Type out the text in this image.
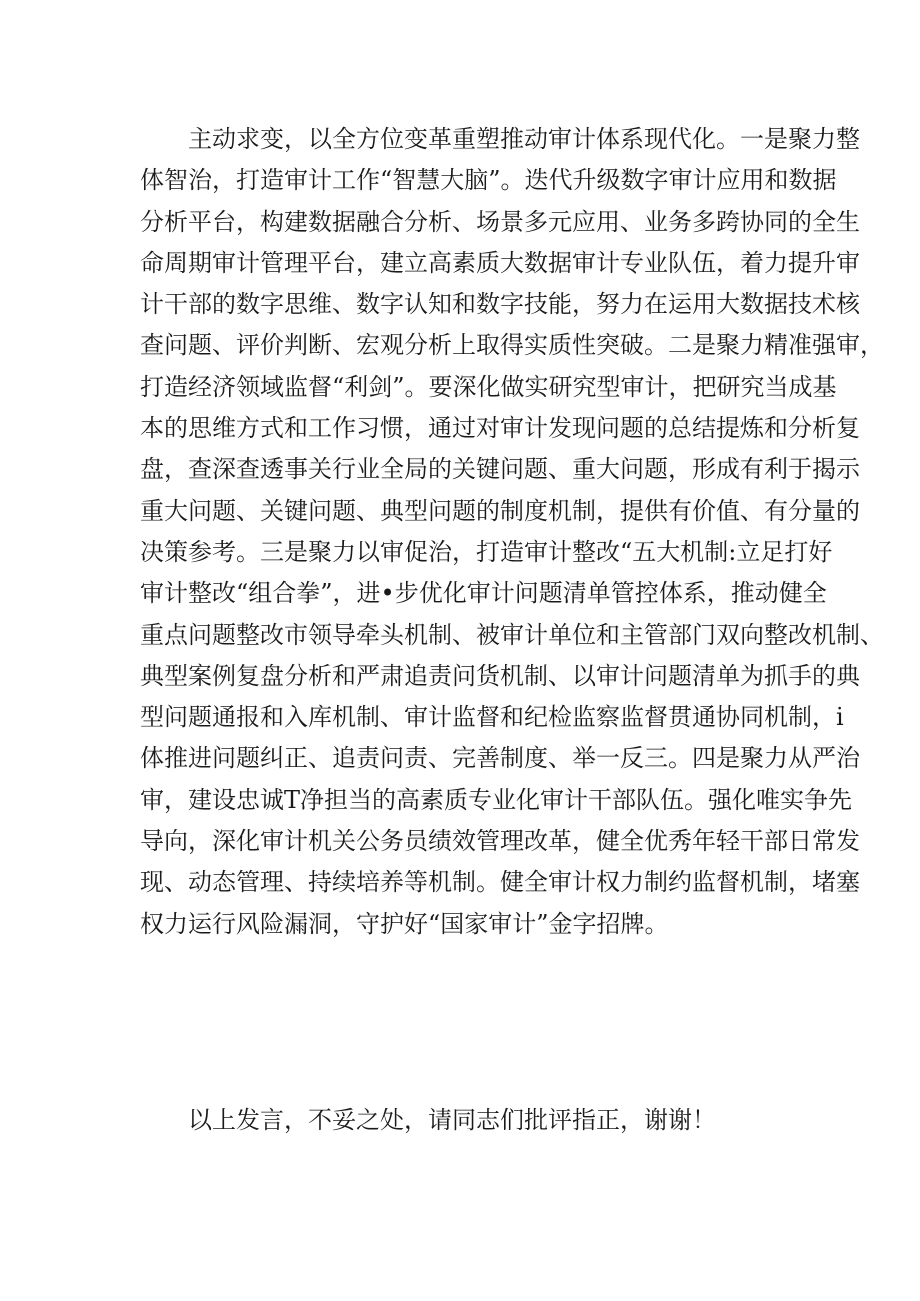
　　主动求变，以全方位变革重塑推动审计体系现代化。一是聚力整
体智治，打造审计工作“智慧大脑”。迭代升级数字审计应用和数据
分析平台，构建数据融合分析、场景多元应用、业务多跨协同的全生
命周期审计管理平台，建立高素质大数据审计专业队伍，着力提升审
计干部的数字思维、数字认知和数字技能，努力在运用大数据技术核
查问题、评价判断、宏观分析上取得实质性突破。二是聚力精准强审，
打造经济领域监督“利剑”。要深化做实研究型审计，把研究当成基
本的思维方式和工作习惯，通过对审计发现问题的总结提炼和分析复
盘，查深查透事关行业全局的关键问题、重大问题，形成有利于揭示
重大问题、关键问题、典型问题的制度机制，提供有价值、有分量的
决策参考。三是聚力以审促治，打造审计整改“五大机制:立足打好
审计整改“组合拳”，进•步优化审计问题清单管控体系，推动健全
重点问题整改市领导牵头机制、被审计单位和主管部门双向整改机制、
典型案例复盘分析和严肃追责问货机制、以审计问题清单为抓手的典
型问题通报和入库机制、审计监督和纪检监察监督贯通协同机制，i
体推进问题纠正、追责问责、完善制度、举一反三。四是聚力从严治
审，建设忠诚T净担当的高素质专业化审计干部队伍。强化唯实争先
导向，深化审计机关公务员绩效管理改革，健全优秀年轻干部日常发
现、动态管理、持续培养等机制。健全审计权力制约监督机制，堵塞
权力运行风险漏洞，守护好“国家审计”金字招牌。
以上发言，不妥之处，请同志们批评指正，谢谢！
